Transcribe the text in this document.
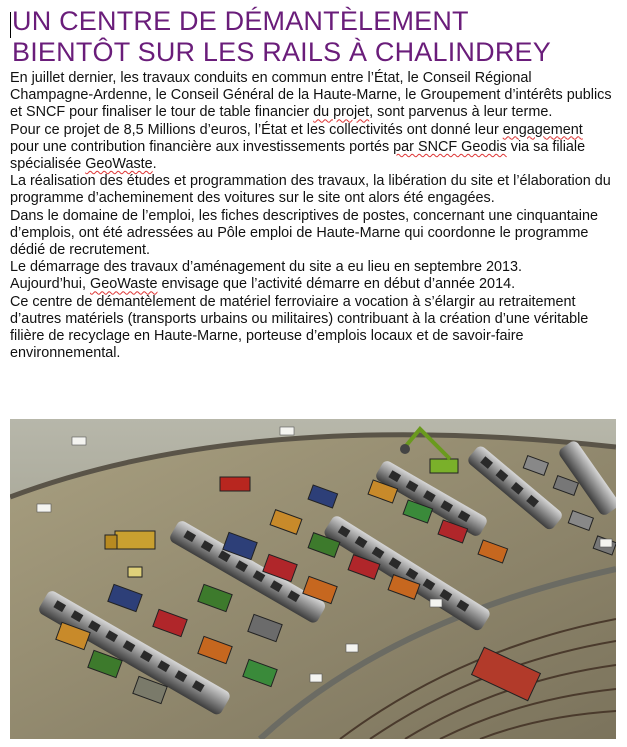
UN CENTRE DE DÉMANTÈLEMENT
BIENTÔT SUR LES RAILS À CHALINDREY

En juillet dernier, les travaux conduits en commun entre l’État, le Conseil Régional Champagne-Ardenne, le Conseil Général de la Haute-Marne, le Groupement d’intérêts publics et SNCF pour finaliser le tour de table financier du projet, sont parvenus à leur terme.

Pour ce projet de 8,5 Millions d’euros, l’État et les collectivités ont donné leur engagement pour une contribution financière aux investissements portés par SNCF Geodis via sa filiale spécialisée GeoWaste.

La réalisation des études et programmation des travaux, la libération du site et l’élaboration du programme d’acheminement des voitures sur le site ont alors été engagées.

Dans le domaine de l’emploi, les fiches descriptives de postes, concernant une cinquantaine d’emplois, ont été adressées au Pôle emploi de Haute-Marne qui coordonne le programme dédié de recrutement.

Le démarrage des travaux d’aménagement du site a eu lieu en septembre 2013.

Aujourd’hui, GeoWaste envisage que l’activité démarre en début d’année 2014.

Ce centre de démantèlement de matériel ferroviaire a vocation à s’élargir au retraitement d’autres matériels (transports urbains ou militaires) contribuant à la création d’une véritable filière de recyclage en Haute-Marne, porteuse d’emplois locaux et de savoir-faire environnemental.
